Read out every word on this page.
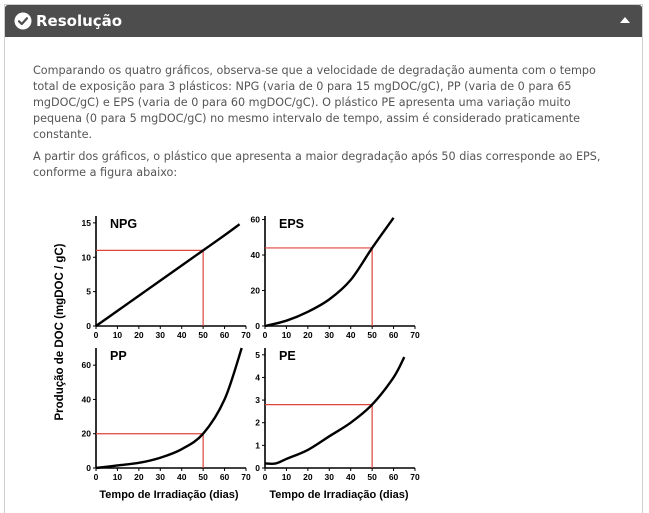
Resolução

Comparando os quatro gráficos, observa-se que a velocidade de degradação aumenta com o tempo total de exposição para 3 plásticos: NPG (varia de 0 para 15 mgDOC/gC), PP (varia de 0 para 65 mgDOC/gC) e EPS (varia de 0 para 60 mgDOC/gC). O plástico PE apresenta uma variação muito pequena (0 para 5 mgDOC/gC) no mesmo intervalo de tempo, assim é considerado praticamente constante.

A partir dos gráficos, o plástico que apresenta a maior degradação após 50 dias corresponde ao EPS, conforme a figura abaixo:

Produção de DOC (mgDOC / gC)
Tempo de Irradiação (dias)	Tempo de Irradiação (dias)
0 10 20 30 40 50 60 70
0
5
10
15 NPG
0 10 20 30 40 50 60 70
0
20
40
60 EPS
0 10 20 30 40 50 60 70
0
20
40
60
PP
0 10 20 30 40 50 60 70
0
1
2
3
4
5 PE
